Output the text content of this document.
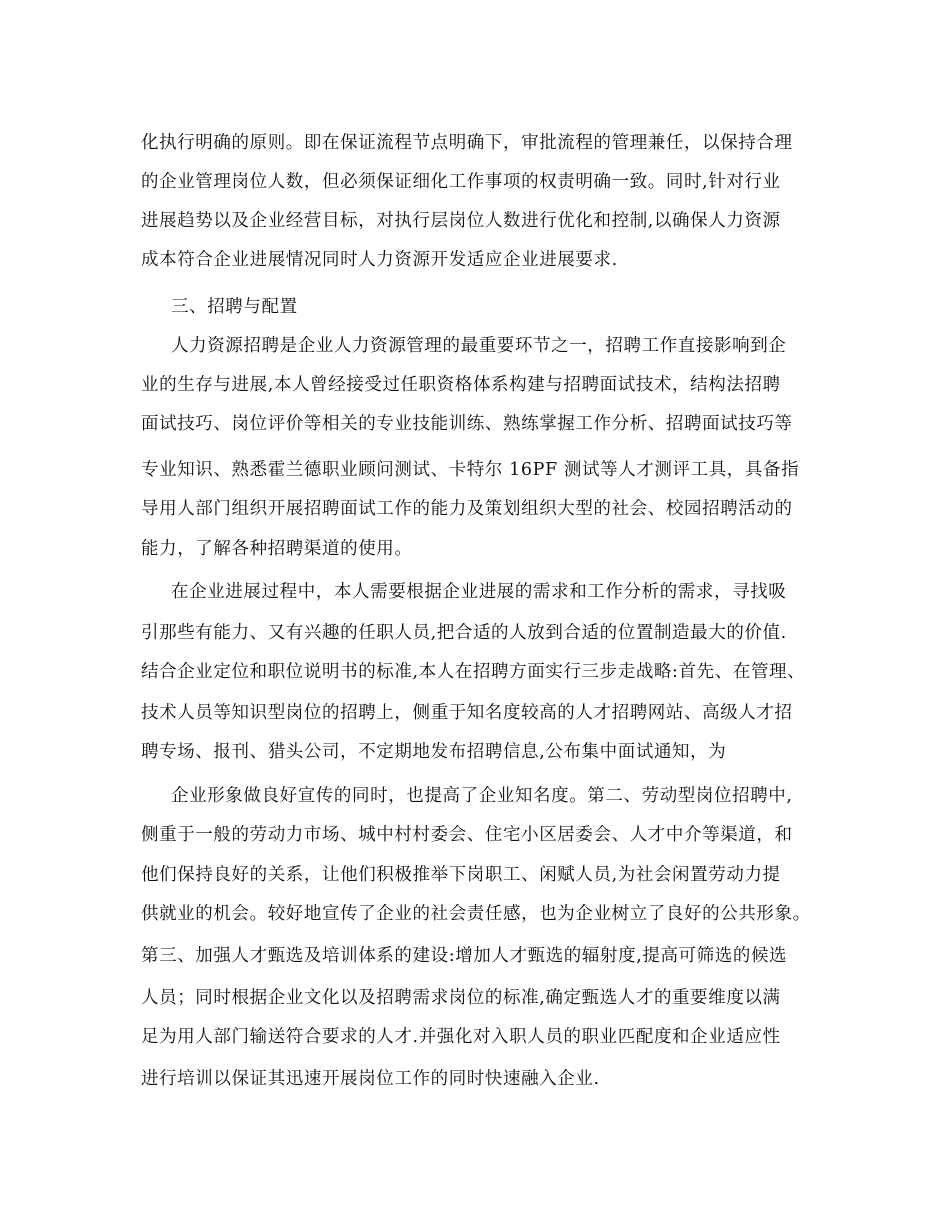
化执行明确的原则。即在保证流程节点明确下，审批流程的管理兼任，以保持合理
的企业管理岗位人数，但必须保证细化工作事项的权责明确一致。同时,针对行业
进展趋势以及企业经营目标，对执行层岗位人数进行优化和控制,以确保人力资源
成本符合企业进展情况同时人力资源开发适应企业进展要求.
三、招聘与配置
人力资源招聘是企业人力资源管理的最重要环节之一，招聘工作直接影响到企
业的生存与进展,本人曾经接受过任职资格体系构建与招聘面试技术，结构法招聘
面试技巧、岗位评价等相关的专业技能训练、熟练掌握工作分析、招聘面试技巧等
专业知识、熟悉霍兰德职业顾问测试、卡特尔 16PF 测试等人才测评工具，具备指
导用人部门组织开展招聘面试工作的能力及策划组织大型的社会、校园招聘活动的
能力，了解各种招聘渠道的使用。
在企业进展过程中，本人需要根据企业进展的需求和工作分析的需求，寻找吸
引那些有能力、又有兴趣的任职人员,把合适的人放到合适的位置制造最大的价值.
结合企业定位和职位说明书的标准,本人在招聘方面实行三步走战略:首先、在管理、
技术人员等知识型岗位的招聘上，侧重于知名度较高的人才招聘网站、高级人才招
聘专场、报刊、猎头公司，不定期地发布招聘信息,公布集中面试通知，为
企业形象做良好宣传的同时，也提高了企业知名度。第二、劳动型岗位招聘中,
侧重于一般的劳动力市场、城中村村委会、住宅小区居委会、人才中介等渠道，和
他们保持良好的关系，让他们积极推举下岗职工、闲赋人员,为社会闲置劳动力提
供就业的机会。较好地宣传了企业的社会责任感，也为企业树立了良好的公共形象。
第三、加强人才甄选及培训体系的建设:增加人才甄选的辐射度,提高可筛选的候选
人员；同时根据企业文化以及招聘需求岗位的标准,确定甄选人才的重要维度以满
足为用人部门输送符合要求的人才.并强化对入职人员的职业匹配度和企业适应性
进行培训以保证其迅速开展岗位工作的同时快速融入企业.
